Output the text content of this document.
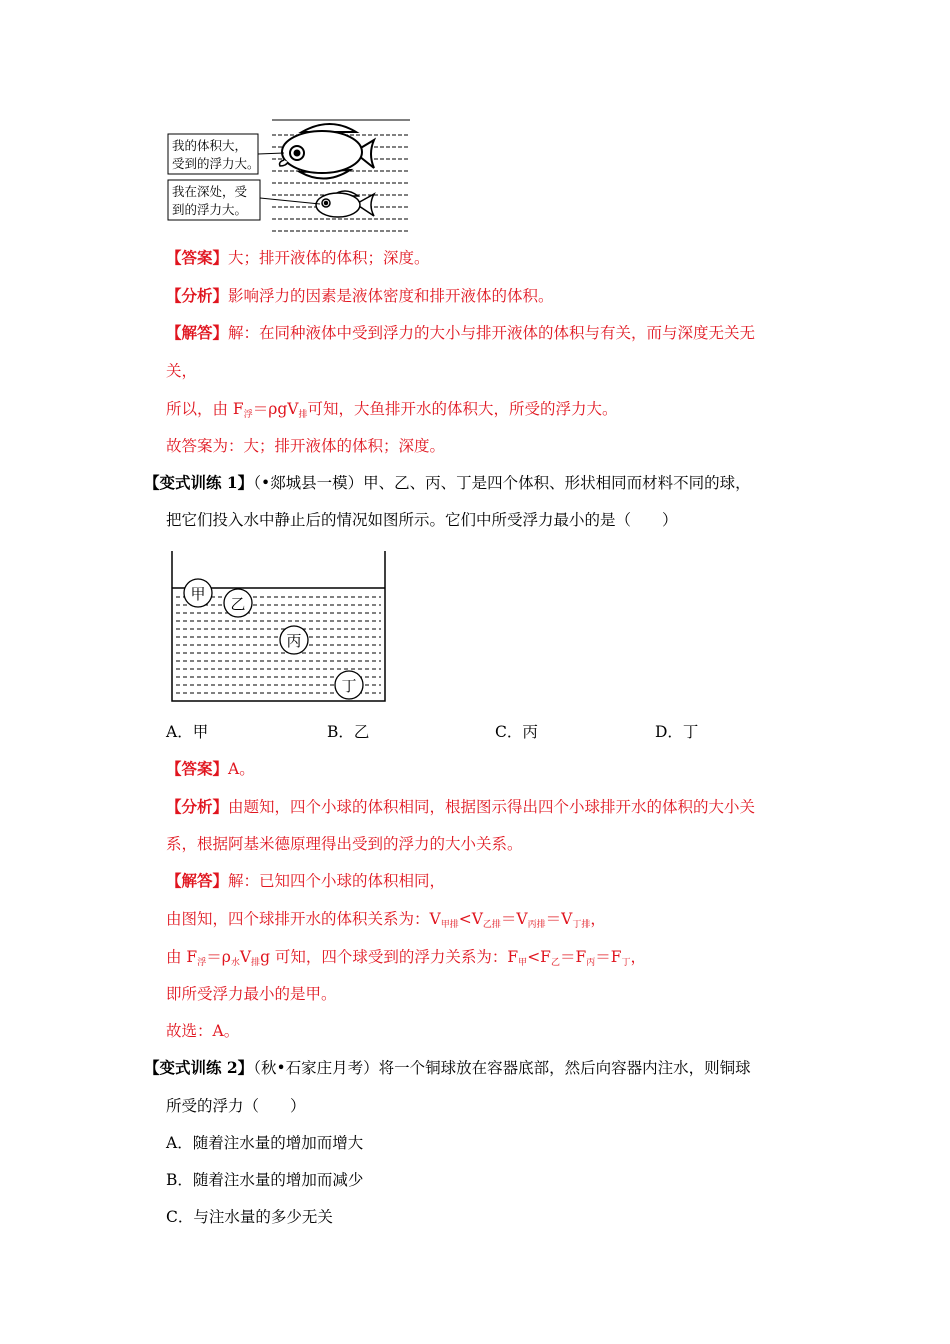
我的体积大，
受到的浮力大。
我在深处，受
到的浮力大。
【答案】大；排开液体的体积；深度。
【分析】影响浮力的因素是液体密度和排开液体的体积。
【解答】解：在同种液体中受到浮力的大小与排开液体的体积与有关，而与深度无关无
关，
所以，由 $F_浮=\rho gV_排$可知，大鱼排开水的体积大，所受的浮力大。
故答案为：大；排开液体的体积；深度。
【变式训练 1】（•郯城县一模）甲、乙、丙、丁是四个体积、形状相同而材料不同的球，
把它们投入水中静止后的情况如图所示。它们中所受浮力最小的是（　　）
甲
乙
丙
丁
A．甲	B．乙	C．丙	D．丁
【答案】A。
【分析】由题知，四个小球的体积相同，根据图示得出四个小球排开水的体积的大小关
系，根据阿基米德原理得出受到的浮力的大小关系。
【解答】解：已知四个小球的体积相同，
由图知，四个球排开水的体积关系为：$V_{甲排}<V_{乙排}=V_{丙排}=V_{丁排}$，
由 $F_浮=\rho_水V_排g$ 可知，四个球受到的浮力关系为：$F_甲<F_乙=F_丙=F_丁$，
即所受浮力最小的是甲。
故选：A。
【变式训练 2】（秋•石家庄月考）将一个铜球放在容器底部，然后向容器内注水，则铜球
所受的浮力（　　）
A．随着注水量的增加而增大
B．随着注水量的增加而减少
C．与注水量的多少无关
